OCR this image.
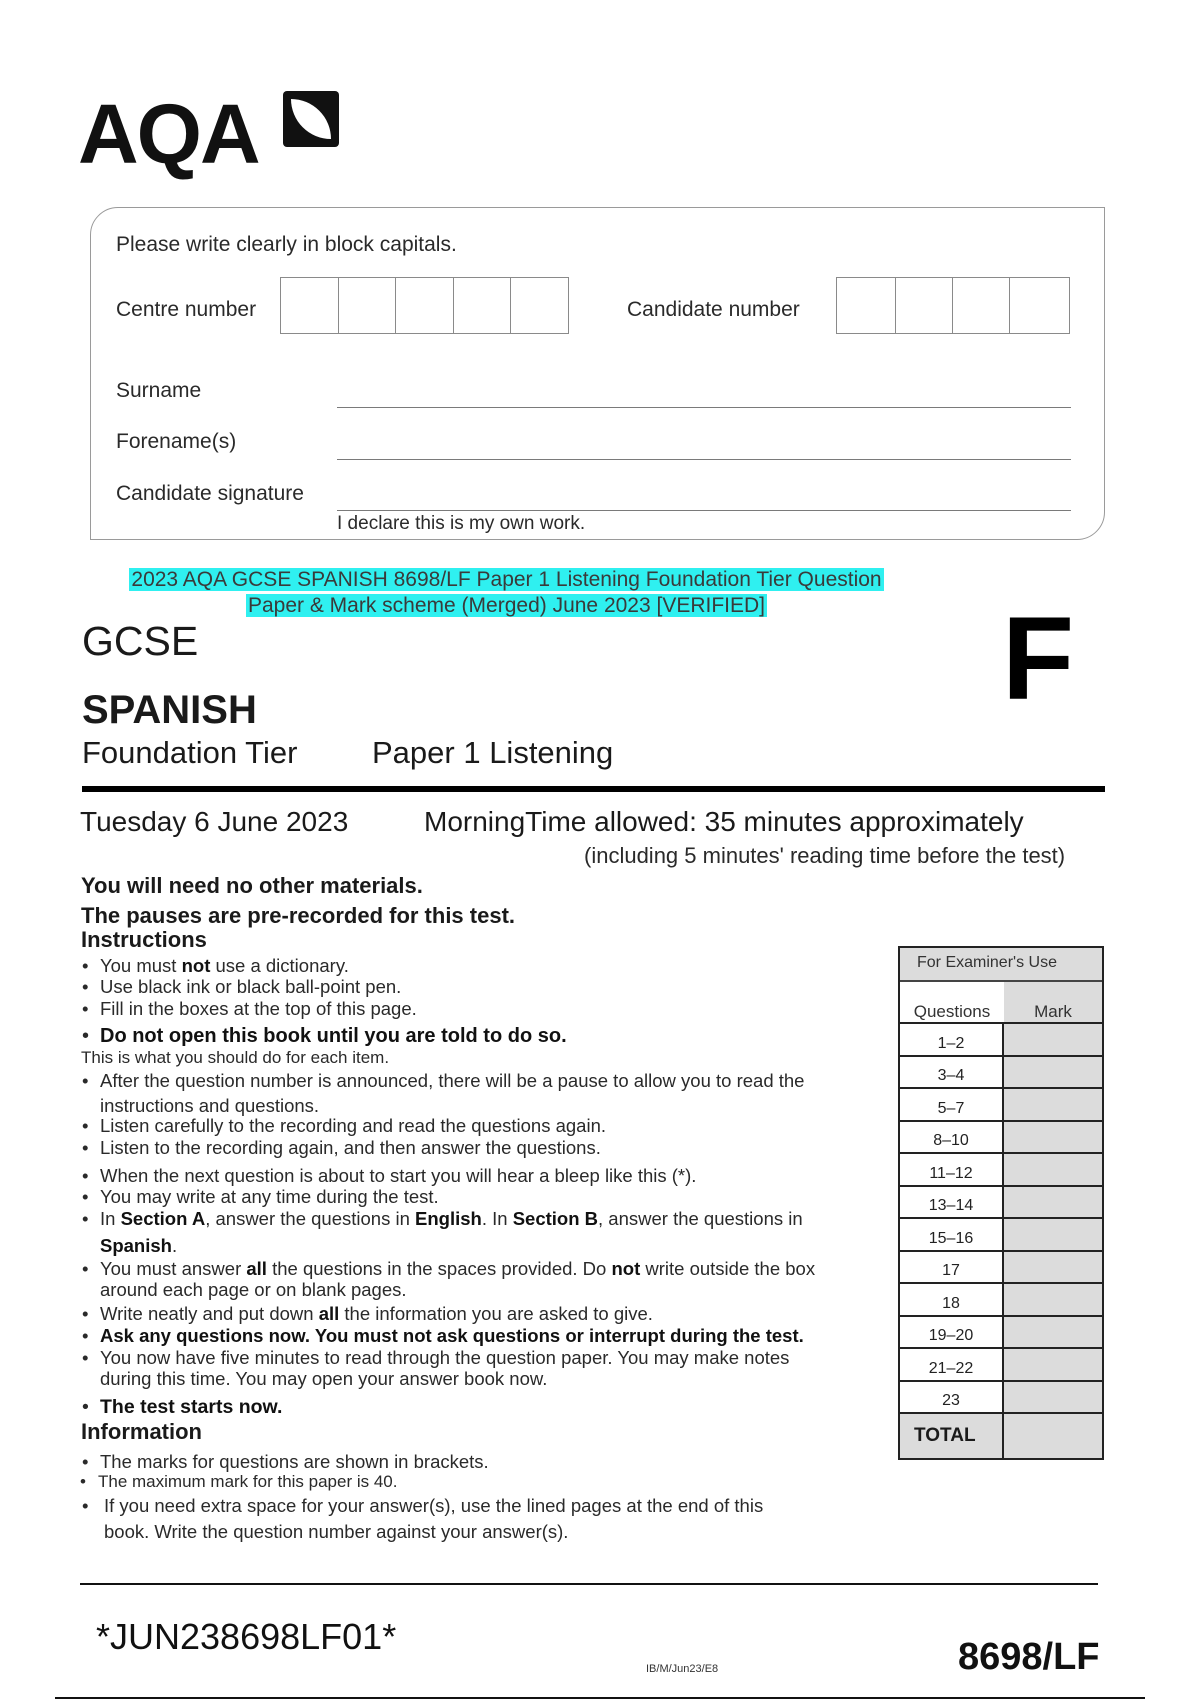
AQA
Please write clearly in block capitals.
Centre number	Candidate number
Surname
Forename(s)
Candidate signature
I declare this is my own work.
2023 AQA GCSE SPANISH 8698/LF Paper 1 Listening Foundation Tier Question
Paper & Mark scheme (Merged) June 2023 [VERIFIED]
GCSE	F
SPANISH
Foundation Tier Paper 1 Listening
Tuesday 6 June 2023	MorningTime allowed: 35 minutes approximately
(including 5 minutes' reading time before the test)
You will need no other materials.
The pauses are pre-recorded for this test.
Instructions
• You must not use a dictionary.
• Use black ink or black ball-point pen.
• Fill in the boxes at the top of this page.
• Do not open this book until you are told to do so.
This is what you should do for each item.
• After the question number is announced, there will be a pause to allow you to read the instructions and questions.
• Listen carefully to the recording and read the questions again.
• Listen to the recording again, and then answer the questions.
• When the next question is about to start you will hear a bleep like this (*).
• You may write at any time during the test.
• In Section A, answer the questions in English. In Section B, answer the questions in Spanish.
• You must answer all the questions in the spaces provided. Do not write outside the box around each page or on blank pages.
• Write neatly and put down all the information you are asked to give.
• Ask any questions now. You must not ask questions or interrupt during the test.
• You now have five minutes to read through the question paper. You may make notes during this time. You may open your answer book now.
• The test starts now.
Information
• The marks for questions are shown in brackets.
• The maximum mark for this paper is 40.
• If you need extra space for your answer(s), use the lined pages at the end of this book. Write the question number against your answer(s).
For Examiner's Use
Questions	Mark
1–2
3–4
5–7
8–10
11–12
13–14
15–16
17
18
19–20
21–22
23
TOTAL
*JUN238698LF01*
IB/M/Jun23/E8	8698/LF
